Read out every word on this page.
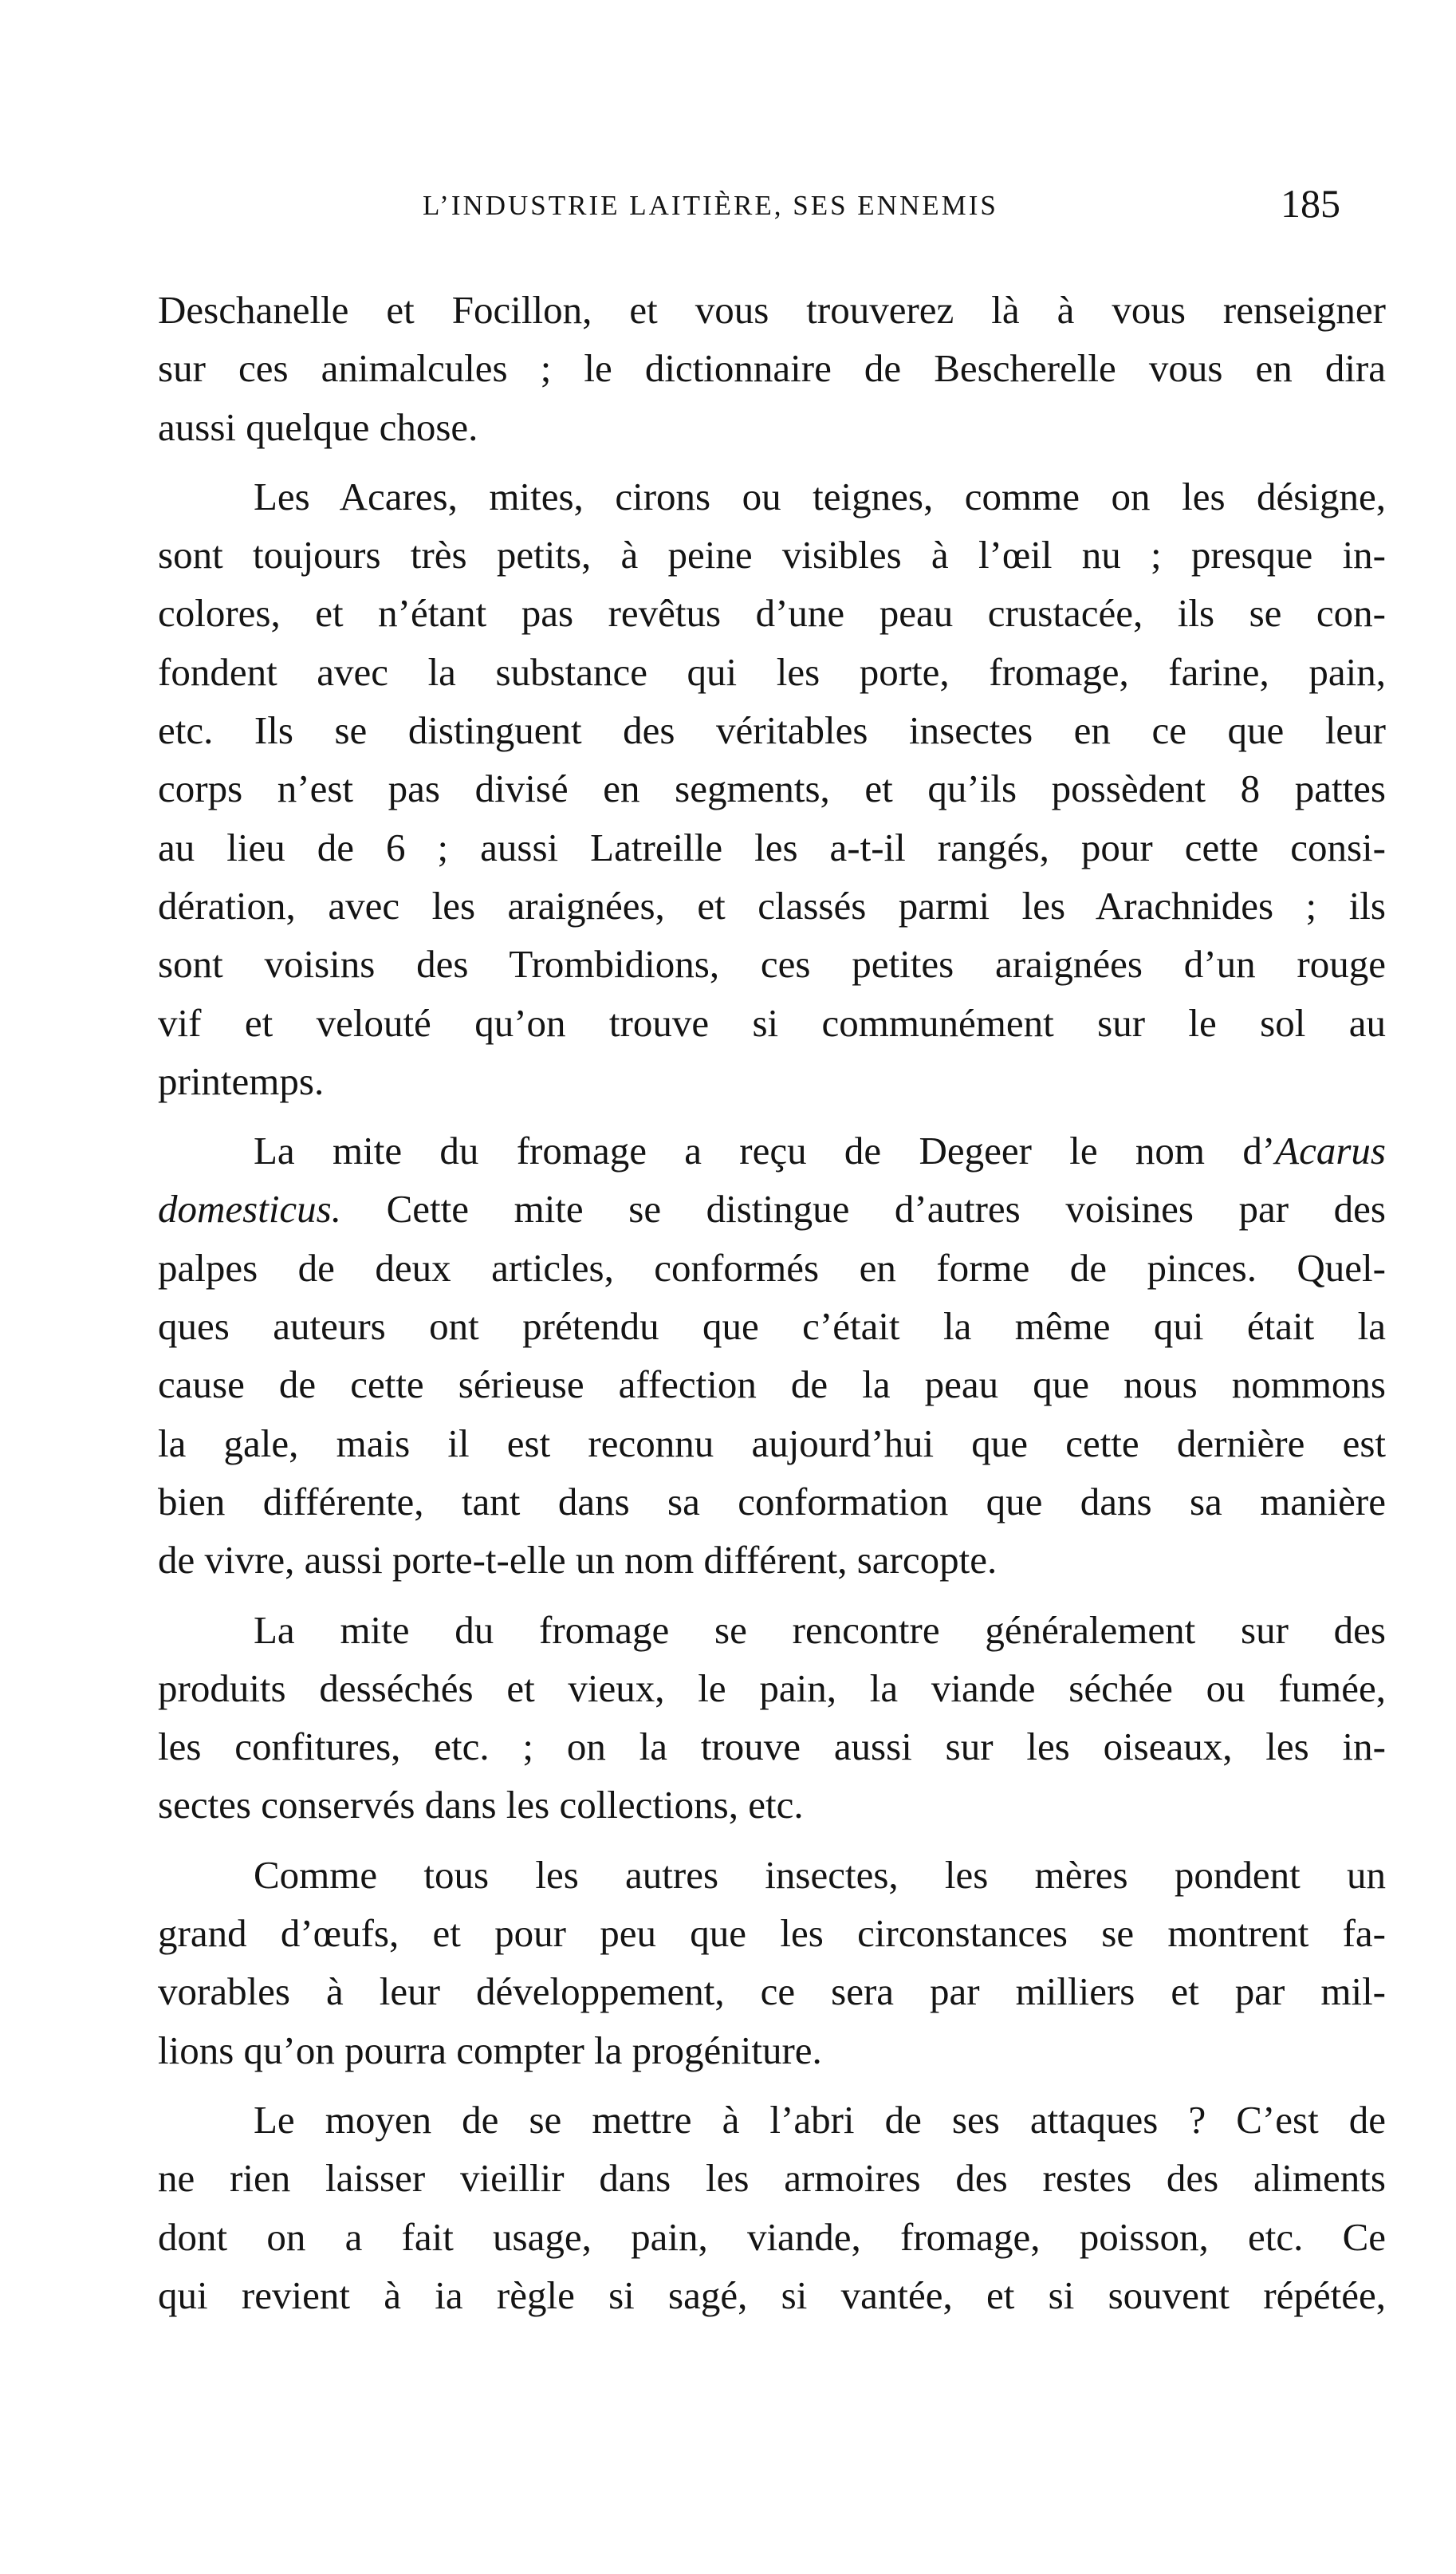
L’INDUSTRIE LAITIÈRE, SES ENNEMIS	185
Deschanelle et Focillon, et vous trouverez là à vous renseigner
sur ces animalcules ; le dictionnaire de Bescherelle vous en dira
aussi quelque chose.
Les Acares, mites, cirons ou teignes, comme on les désigne,
sont toujours très petits, à peine visibles à l’œil nu ; presque in-
colores, et n’étant pas revêtus d’une peau crustacée, ils se con-
fondent avec la substance qui les porte, fromage, farine, pain,
etc. Ils se distinguent des véritables insectes en ce que leur
corps n’est pas divisé en segments, et qu’ils possèdent 8 pattes
au lieu de 6 ; aussi Latreille les a-t-il rangés, pour cette consi-
dération, avec les araignées, et classés parmi les Arachnides ; ils
sont voisins des Trombidions, ces petites araignées d’un rouge
vif et velouté qu’on trouve si communément sur le sol au
printemps.
La mite du fromage a reçu de Degeer le nom d’Acarus
domesticus. Cette mite se distingue d’autres voisines par des
palpes de deux articles, conformés en forme de pinces. Quel-
ques auteurs ont prétendu que c’était la même qui était la
cause de cette sérieuse affection de la peau que nous nommons
la gale, mais il est reconnu aujourd’hui que cette dernière est
bien différente, tant dans sa conformation que dans sa manière
de vivre, aussi porte-t-elle un nom différent, sarcopte.
La mite du fromage se rencontre généralement sur des
produits desséchés et vieux, le pain, la viande séchée ou fumée,
les confitures, etc. ; on la trouve aussi sur les oiseaux, les in-
sectes conservés dans les collections, etc.
Comme tous les autres insectes, les mères pondent un
grand d’œufs, et pour peu que les circonstances se montrent fa-
vorables à leur développement, ce sera par milliers et par mil-
lions qu’on pourra compter la progéniture.
Le moyen de se mettre à l’abri de ses attaques ? C’est de
ne rien laisser vieillir dans les armoires des restes des aliments
dont on a fait usage, pain, viande, fromage, poisson, etc. Ce
qui revient à ia règle si sagé, si vantée, et si souvent répétée,
